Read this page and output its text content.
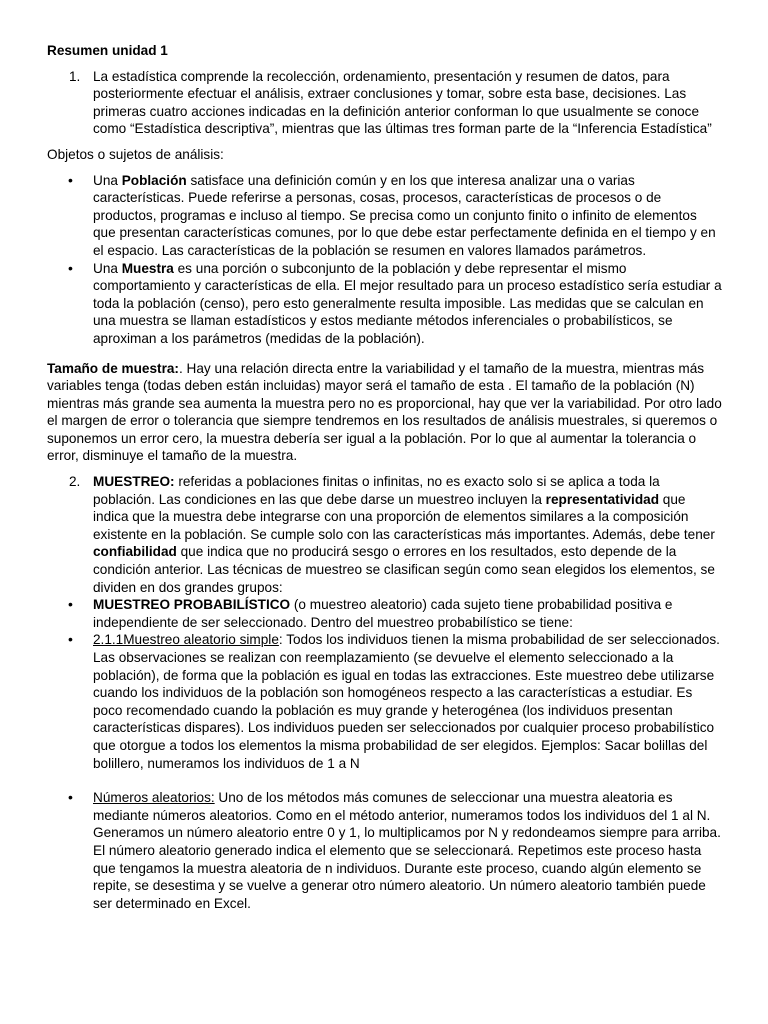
Resumen unidad 1
1. La estadística comprende la recolección, ordenamiento, presentación y resumen de datos, para posteriormente efectuar el análisis, extraer conclusiones y tomar, sobre esta base, decisiones. Las primeras cuatro acciones indicadas en la definición anterior conforman lo que usualmente se conoce como “Estadística descriptiva”, mientras que las últimas tres forman parte de la “Inferencia Estadística”
Objetos o sujetos de análisis:
• Una Población satisface una definición común y en los que interesa analizar una o varias características. Puede referirse a personas, cosas, procesos, características de procesos o de productos, programas e incluso al tiempo. Se precisa como un conjunto finito o infinito de elementos que presentan características comunes, por lo que debe estar perfectamente definida en el tiempo y en el espacio. Las características de la población se resumen en valores llamados parámetros.
• Una Muestra es una porción o subconjunto de la población y debe representar el mismo comportamiento y características de ella. El mejor resultado para un proceso estadístico sería estudiar a toda la población (censo), pero esto generalmente resulta imposible. Las medidas que se calculan en una muestra se llaman estadísticos y estos mediante métodos inferenciales o probabilísticos, se aproximan a los parámetros (medidas de la población).
Tamaño de muestra:. Hay una relación directa entre la variabilidad y el tamaño de la muestra, mientras más variables tenga (todas deben están incluidas) mayor será el tamaño de esta . El tamaño de la población (N) mientras más grande sea aumenta la muestra pero no es proporcional, hay que ver la variabilidad. Por otro lado el margen de error o tolerancia que siempre tendremos en los resultados de análisis muestrales, si queremos o suponemos un error cero, la muestra debería ser igual a la población. Por lo que al aumentar la tolerancia o error, disminuye el tamaño de la muestra.
2. MUESTREO: referidas a poblaciones finitas o infinitas, no es exacto solo si se aplica a toda la población. Las condiciones en las que debe darse un muestreo incluyen la representatividad que indica que la muestra debe integrarse con una proporción de elementos similares a la composición existente en la población. Se cumple solo con las características más importantes. Además, debe tener confiabilidad que indica que no producirá sesgo o errores en los resultados, esto depende de la condición anterior. Las técnicas de muestreo se clasifican según como sean elegidos los elementos, se dividen en dos grandes grupos:
• MUESTREO PROBABILÍSTICO (o muestreo aleatorio) cada sujeto tiene probabilidad positiva e independiente de ser seleccionado. Dentro del muestreo probabilístico se tiene:
• 2.1.1Muestreo aleatorio simple: Todos los individuos tienen la misma probabilidad de ser seleccionados. Las observaciones se realizan con reemplazamiento (se devuelve el elemento seleccionado a la población), de forma que la población es igual en todas las extracciones. Este muestreo debe utilizarse cuando los individuos de la población son homogéneos respecto a las características a estudiar. Es poco recomendado cuando la población es muy grande y heterogénea (los individuos presentan características dispares). Los individuos pueden ser seleccionados por cualquier proceso probabilístico que otorgue a todos los elementos la misma probabilidad de ser elegidos. Ejemplos: Sacar bolillas del bolillero, numeramos los individuos de 1 a N
• Números aleatorios: Uno de los métodos más comunes de seleccionar una muestra aleatoria es mediante números aleatorios. Como en el método anterior, numeramos todos los individuos del 1 al N. Generamos un número aleatorio entre 0 y 1, lo multiplicamos por N y redondeamos siempre para arriba. El número aleatorio generado indica el elemento que se seleccionará. Repetimos este proceso hasta que tengamos la muestra aleatoria de n individuos. Durante este proceso, cuando algún elemento se repite, se desestima y se vuelve a generar otro número aleatorio. Un número aleatorio también puede ser determinado en Excel.
